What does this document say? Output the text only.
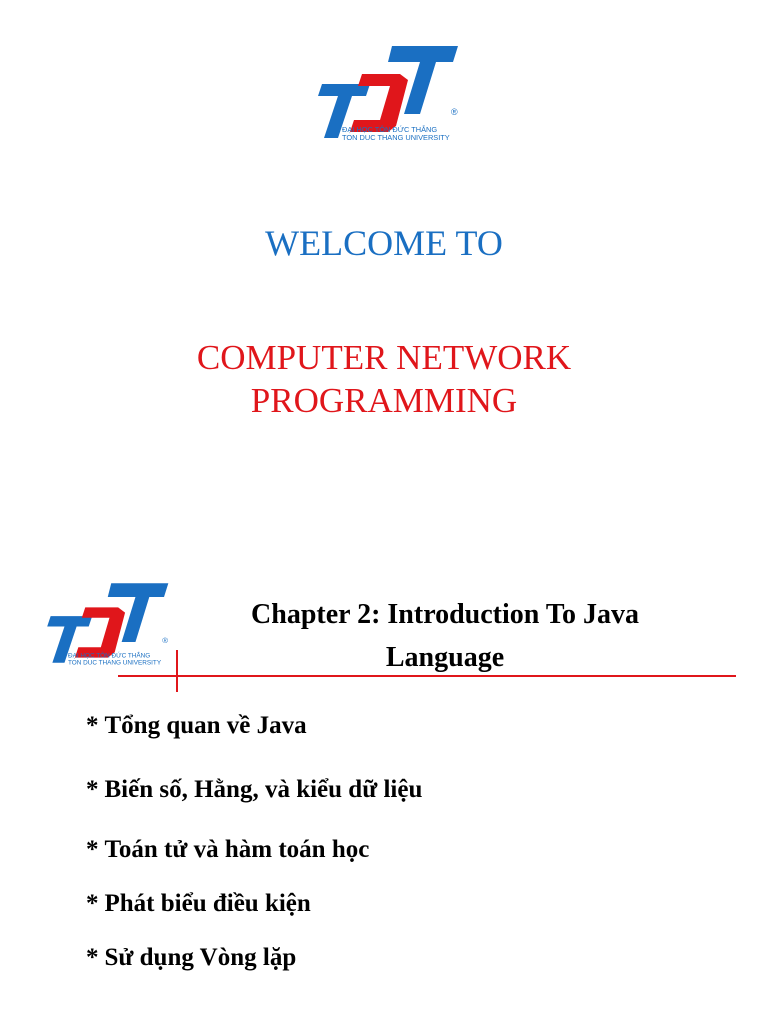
®
ĐẠI HỌC TÔN ĐỨC THẮNG
TON DUC THANG UNIVERSITY
WELCOME TO
COMPUTER NETWORK
PROGRAMMING
®
ĐẠI HỌC TÔN ĐỨC THẮNG
TON DUC THANG UNIVERSITY
Chapter 2: Introduction To Java
Language
* Tổng quan về Java
* Biến số, Hằng, và kiểu dữ liệu
* Toán tử và hàm toán học
* Phát biểu điều kiện
* Sử dụng Vòng lặp
